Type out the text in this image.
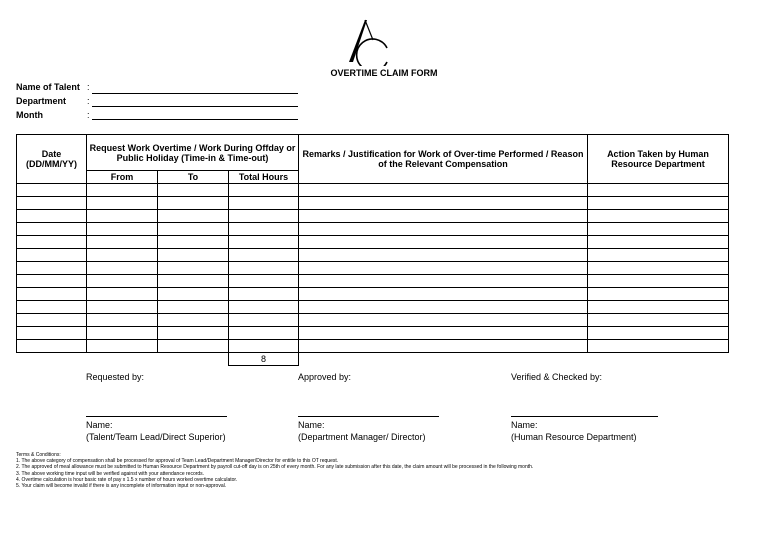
OVERTIME CLAIM FORM
Name of Talent :
Department :
Month	:
Date (DD/MM/YY)	Request Work Overtime / Work During Offday or Public Holiday (Time-in & Time-out)			Remarks / Justification for Work of Over-time Performed / Reason of the Relevant Compensation	Action Taken by Human Resource Department
	From	To	Total Hours		

			8		
Requested by:	Approved by:	Verified & Checked by:
Name:	Name:	Name:
(Talent/Team Lead/Direct Superior)	(Department Manager/ Director)	(Human Resource Department)
Terms & Conditions:
1. The above category of compensation shall be processed for approval of Team Lead/Department Manager/Director for entitle to this OT request.
2. The approved of meal allowance must be submitted to Human Resource Department by payroll cut-off day is on 25th of every month. For any late submission after this date, the claim amount will be processed in the following month.
3. The above working time input will be verified against with your attendance records.
4. Overtime calculation is hour basic rate of pay x 1.5 x number of hours worked overtime calculator.
5. Your claim will become invalid if there is any incomplete of information input or non-approval.
